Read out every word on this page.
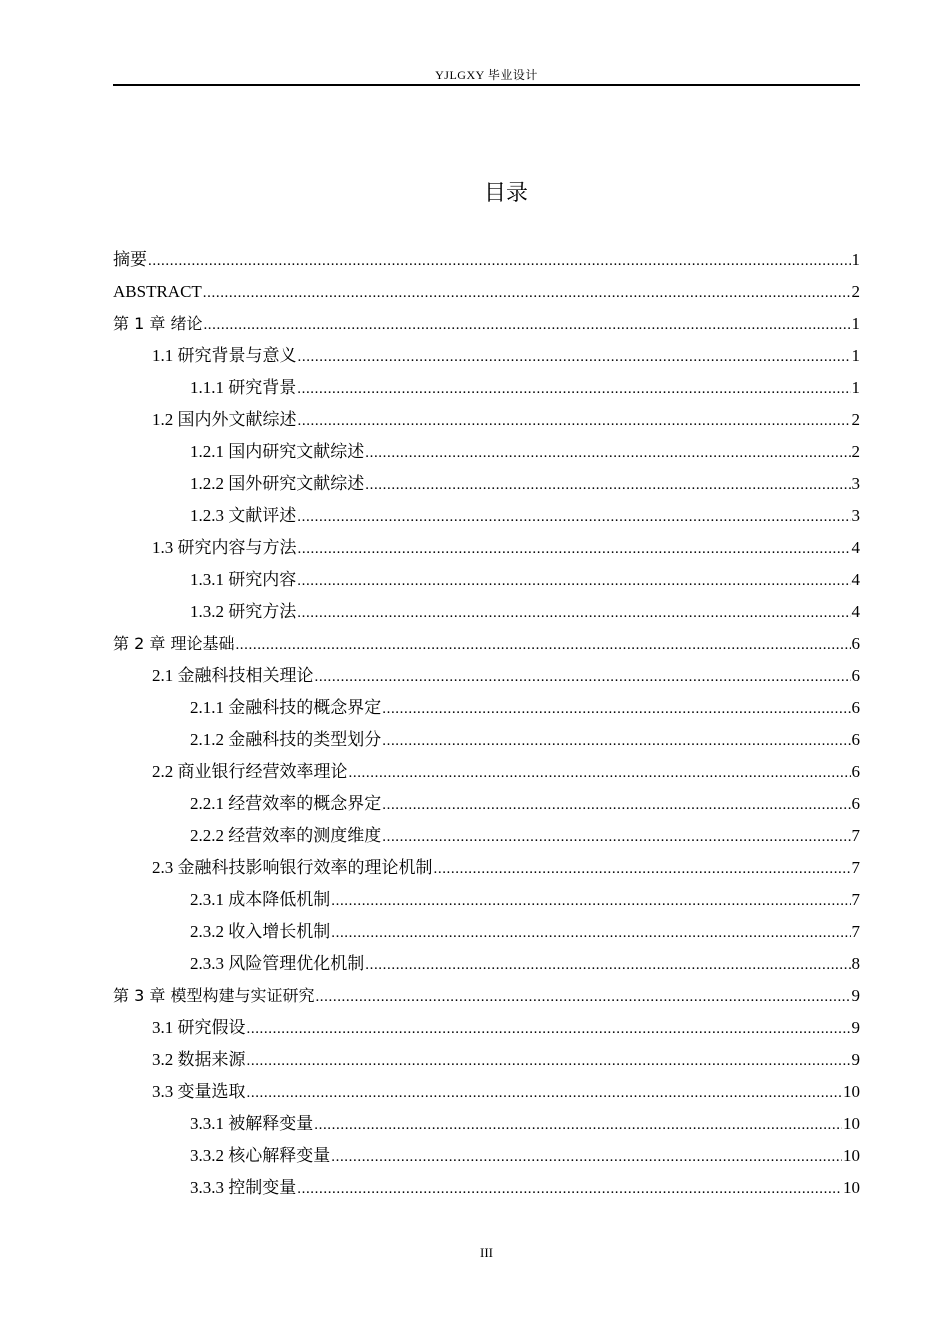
YJLGXY 毕业设计
目录
摘要 .....	1
ABSTRACT .....	2
第 1 章 绪论 .....	1
1.1 研究背景与意义 .....	1
1.1.1 研究背景 .....	1
1.2 国内外文献综述 .....	2
1.2.1 国内研究文献综述 .....	2
1.2.2 国外研究文献综述 .....	3
1.2.3 文献评述 .....	3
1.3 研究内容与方法 .....	4
1.3.1 研究内容 .....	4
1.3.2 研究方法 .....	4
第 2 章 理论基础 .....	6
2.1 金融科技相关理论 .....	6
2.1.1 金融科技的概念界定 .....	6
2.1.2 金融科技的类型划分 .....	6
2.2 商业银行经营效率理论 .....	6
2.2.1 经营效率的概念界定 .....	6
2.2.2 经营效率的测度维度 .....	7
2.3 金融科技影响银行效率的理论机制 .....	7
2.3.1 成本降低机制 .....	7
2.3.2 收入增长机制 .....	7
2.3.3 风险管理优化机制 .....	8
第 3 章 模型构建与实证研究 .....	9
3.1 研究假设 .....	9
3.2 数据来源 .....	9
3.3 变量选取 .....	10
3.3.1 被解释变量 .....	10
3.3.2 核心解释变量 .....	10
3.3.3 控制变量 .....	10
III
